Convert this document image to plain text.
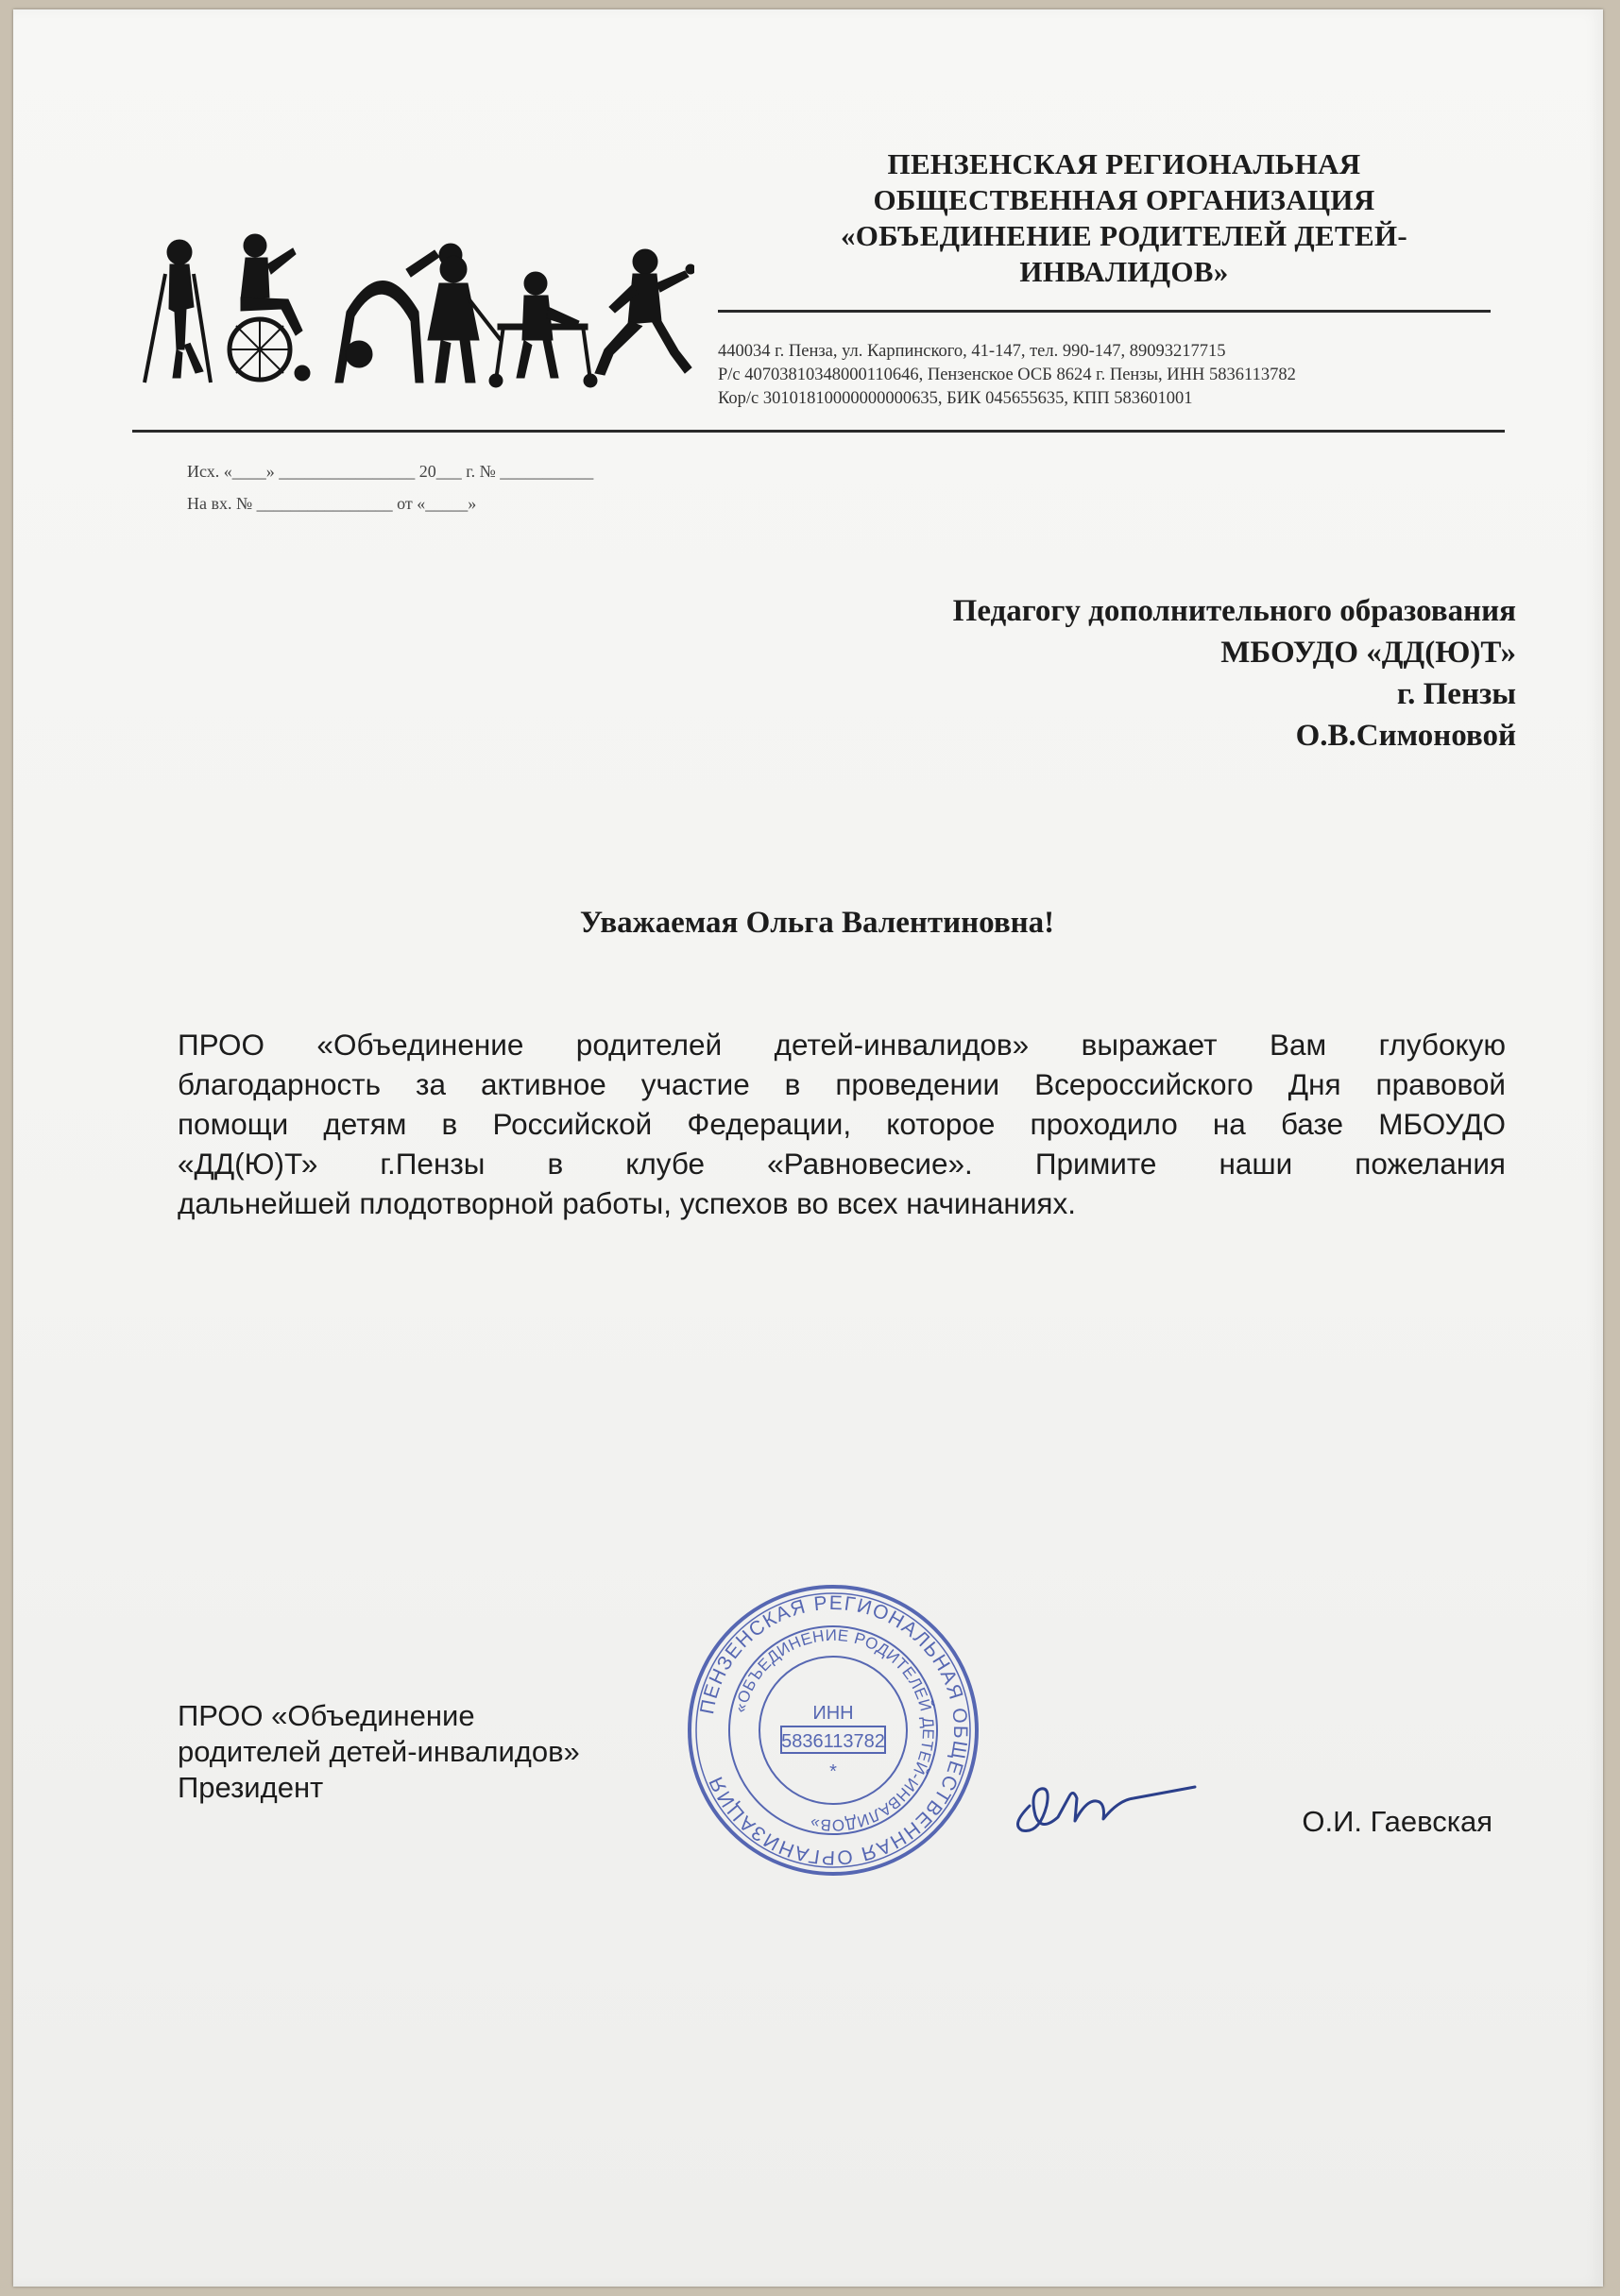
ПЕНЗЕНСКАЯ РЕГИОНАЛЬНАЯ
ОБЩЕСТВЕННАЯ ОРГАНИЗАЦИЯ
«ОБЪЕДИНЕНИЕ РОДИТЕЛЕЙ ДЕТЕЙ-
ИНВАЛИДОВ»
440034 г. Пенза, ул. Карпинского, 41-147, тел. 990-147, 89093217715
Р/с 40703810348000110646, Пензенское ОСБ 8624 г. Пензы, ИНН 5836113782
Кор/с 30101810000000000635, БИК 045655635, КПП 583601001
Исх. «____» ________________ 20___ г. № ___________
На вх. № ________________ от «_____»
Педагогу дополнительного образования
МБОУДО «ДД(Ю)Т»
г. Пензы
О.В.Симоновой
Уважаемая Ольга Валентиновна!
ПРОО «Объединение родителей детей-инвалидов» выражает Вам глубокую
благодарность за активное участие в проведении Всероссийского Дня правовой
помощи детям в Российской Федерации, которое проходило на базе МБОУДО
«ДД(Ю)Т» г.Пензы в клубе «Равновесие». Примите наши пожелания
дальнейшей плодотворной работы, успехов во всех начинаниях.
ПРОО «Объединение
родителей детей-инвалидов»
Президент
ПЕНЗЕНСКАЯ РЕГИОНАЛЬНАЯ ОБЩЕСТВЕННАЯ ОРГАНИЗАЦИЯ
«ОБЪЕДИНЕНИЕ РОДИТЕЛЕЙ ДЕТЕЙ-ИНВАЛИДОВ»
ИНН
5836113782
*
О.И. Гаевская
